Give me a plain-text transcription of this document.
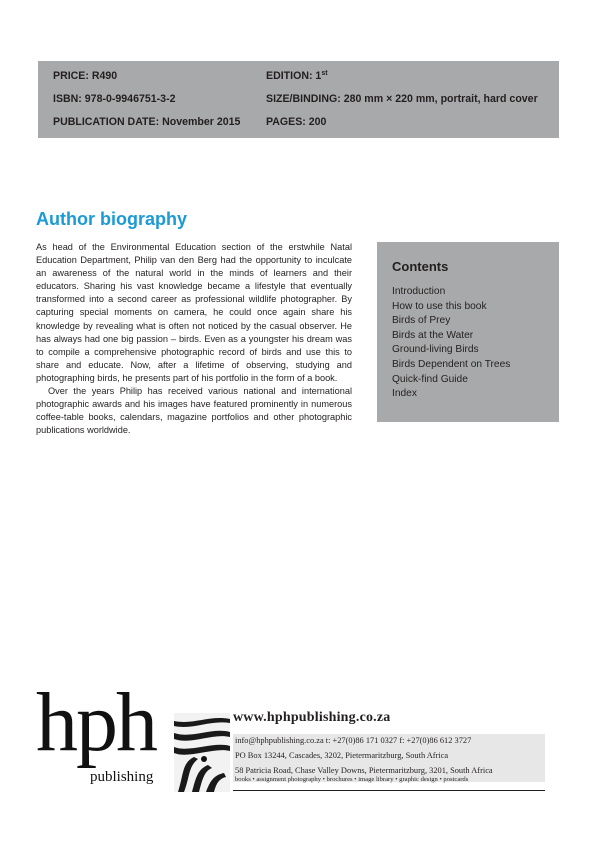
PRICE: R490
ISBN: 978-0-9946751-3-2
PUBLICATION DATE: November 2015
EDITION: 1st
SIZE/BINDING: 280 mm × 220 mm, portrait, hard cover
PAGES: 200
Author biography

As head of the Environmental Education section of the erstwhile Natal Education Department, Philip van den Berg had the opportunity to inculcate an awareness of the natural world in the minds of learners and their educators. Sharing his vast knowledge became a lifestyle that eventually transformed into a second career as professional wildlife photographer. By capturing special moments on camera, he could once again share his knowledge by revealing what is often not noticed by the casual observer. He has always had one big passion – birds. Even as a youngster his dream was to compile a comprehensive photographic record of birds and use this to share and educate. Now, after a lifetime of observing, studying and photographing birds, he presents part of his portfolio in the form of a book.

Over the years Philip has received various national and international photographic awards and his images have featured prominently in numerous coffee-table books, calendars, magazine portfolios and other photographic publications worldwide.

Contents
Introduction
How to use this book
Birds of Prey
Birds at the Water
Ground-living Birds
Birds Dependent on Trees
Quick-find Guide
Index
hph
publishing
www.hphpublishing.co.za
info@hphpublishing.co.za t: +27(0)86 171 0327 f: +27(0)86 612 3727
PO Box 13244, Cascades, 3202, Pietermaritzburg, South Africa
58 Patricia Road, Chase Valley Downs, Pietermaritzburg, 3201, South Africa
books • assignment photography • brochures • image library • graphic design • postcards
